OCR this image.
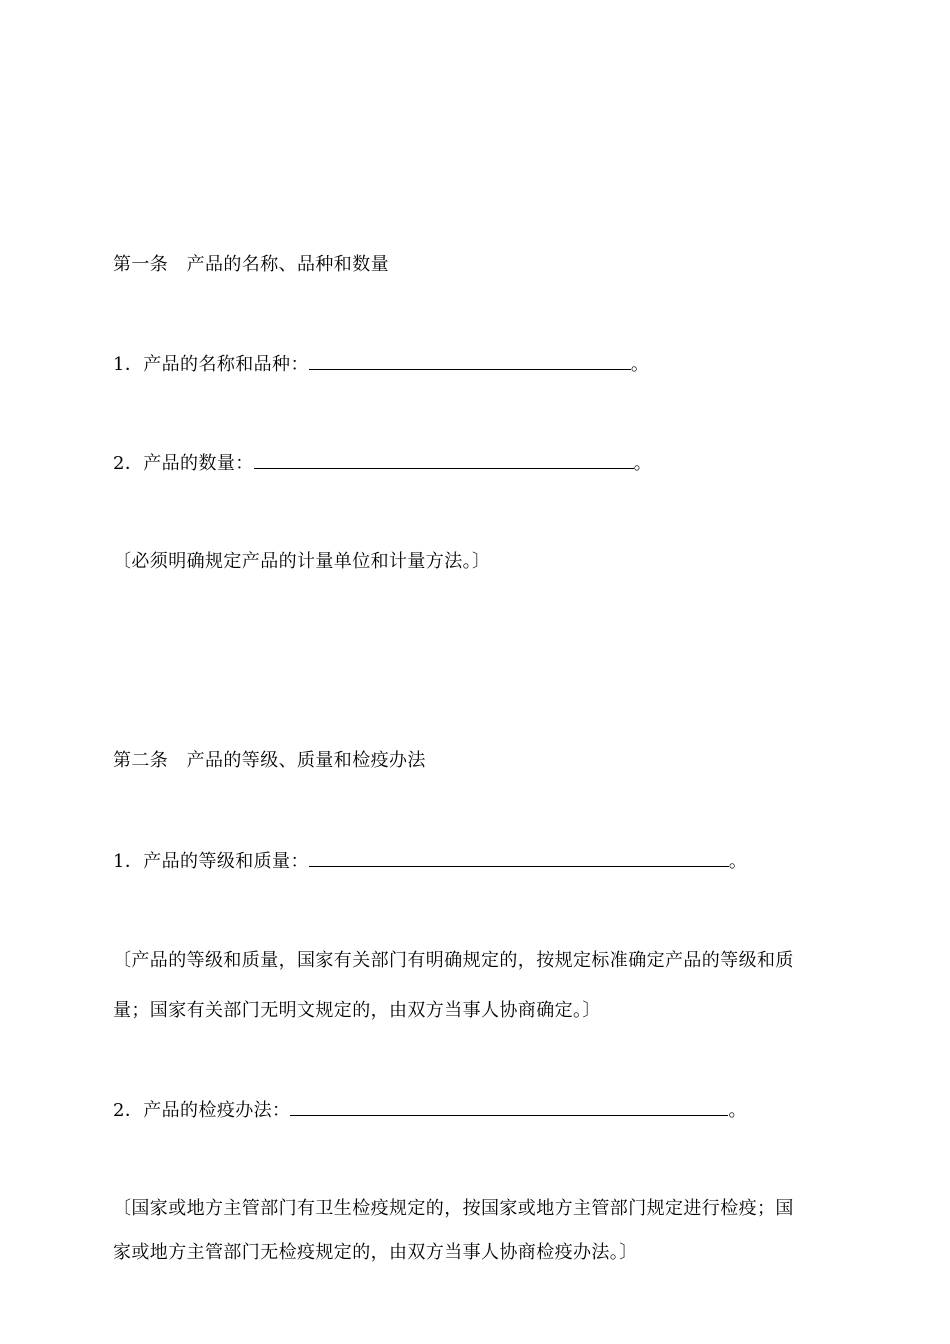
第一条　产品的名称、品种和数量
1．产品的名称和品种：	。
2．产品的数量：	。
〔必须明确规定产品的计量单位和计量方法。〕
第二条　产品的等级、质量和检疫办法
1．产品的等级和质量：	。
〔产品的等级和质量，国家有关部门有明确规定的，按规定标准确定产品的等级和质
量；国家有关部门无明文规定的，由双方当事人协商确定。〕
2．产品的检疫办法：	。
〔国家或地方主管部门有卫生检疫规定的，按国家或地方主管部门规定进行检疫；国
家或地方主管部门无检疫规定的，由双方当事人协商检疫办法。〕
